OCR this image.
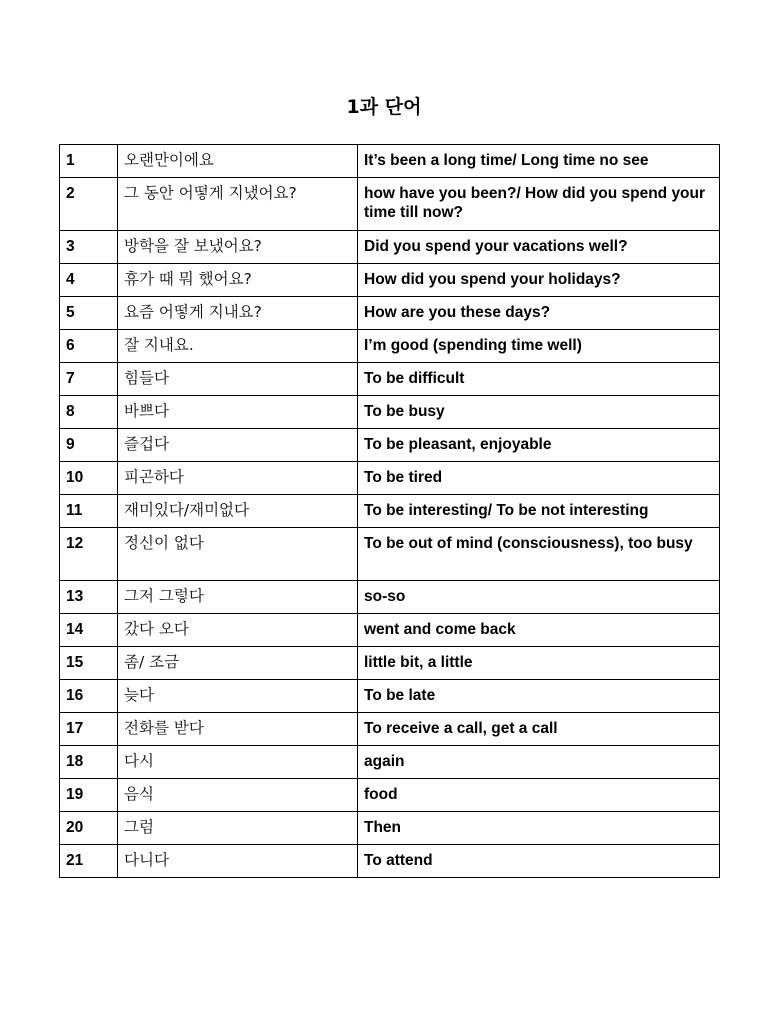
1과 단어
1	오랜만이에요	It’s been a long time/ Long time no see
2	그 동안 어떻게 지냈어요?	how have you been?/ How did you spend your time till now?
3	방학을 잘 보냈어요?	Did you spend your vacations well?
4	휴가 때 뭐 했어요?	How did you spend your holidays?
5	요즘 어떻게 지내요?	How are you these days?
6	잘 지내요.	I’m good (spending time well)
7	힘들다	To be difficult
8	바쁘다	To be busy
9	즐겁다	To be pleasant, enjoyable
10	피곤하다	To be tired
11	재미있다/재미없다	To be interesting/ To be not interesting
12	정신이 없다	To be out of mind (consciousness), too busy
13	그저 그렇다	so-so
14	갔다 오다	went and come back
15	좀/ 조금	little bit, a little
16	늦다	To be late
17	전화를 받다	To receive a call, get a call
18	다시	again
19	음식	food
20	그럼	Then
21	다니다	To attend
